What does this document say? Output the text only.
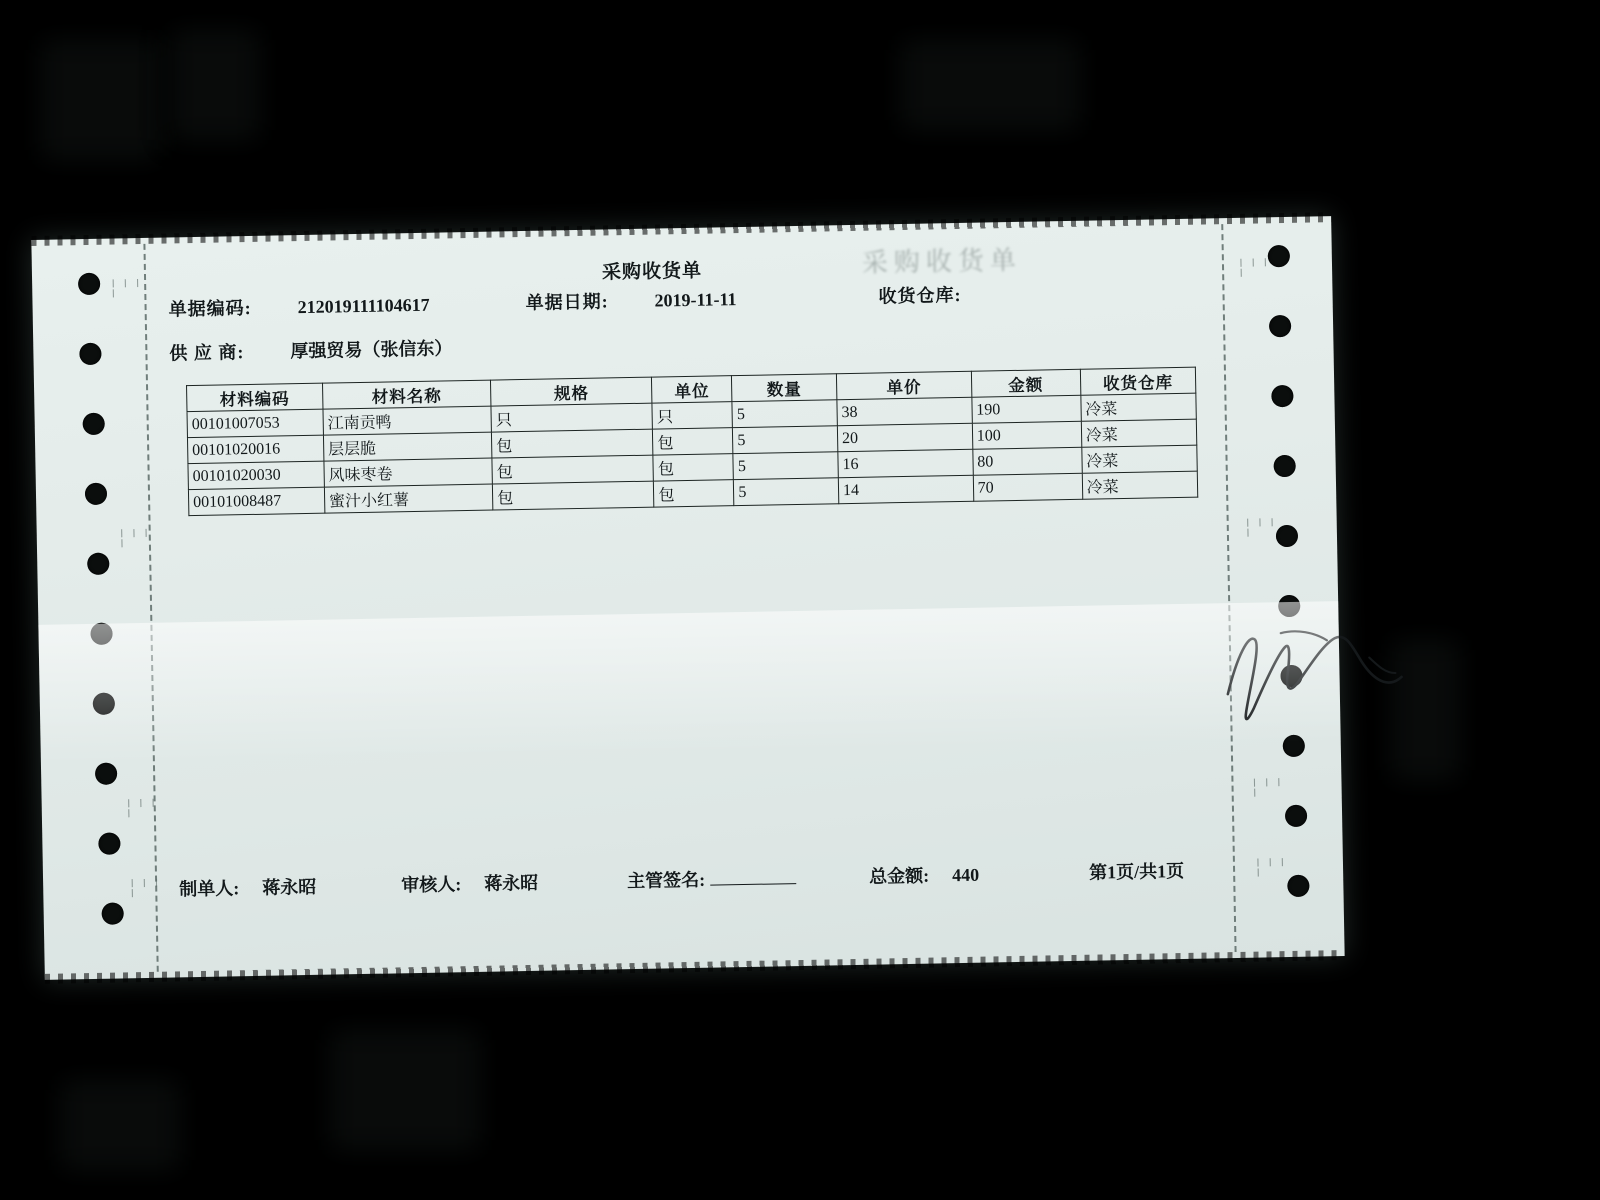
। । । ।
। । । ।
। । । ।
। । । ।
। । । ।
। । । ।
। । । ।
। । । ।
采购收货单
采购收货单
单据编码:	212019111104617	单据日期:	2019-11-11	收货仓库:
供 应 商:	厚强贸易（张信东）
材料编码	材料名称	规格	单位	数量	单价	金额	收货仓库
00101007053	江南贡鸭	只	只	5	38	190	冷菜
00101020016	层层脆	包	包	5	20	100	冷菜
00101020030	风味枣卷	包	包	5	16	80	冷菜
00101008487	蜜汁小红薯	包	包	5	14	70	冷菜
制单人: 蒋永昭	审核人: 蒋永昭	主管签名:	总金额: 440	第1页/共1页
